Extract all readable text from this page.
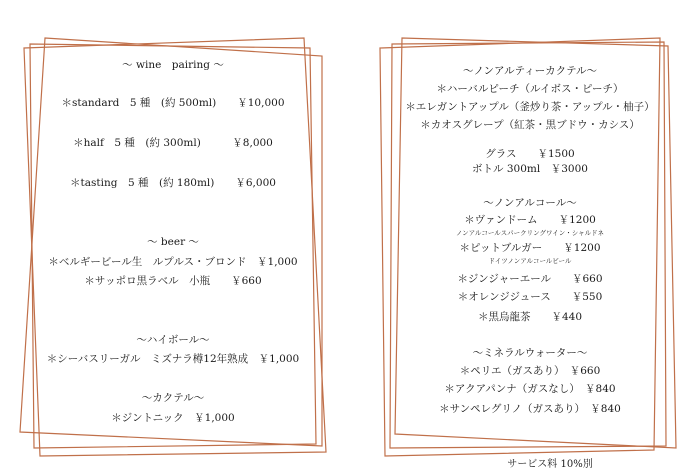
～ wine　pairing ～
＊standard　5 種　(約 500ml)　　￥10,000
＊half　5 種　(約 300ml)　　　￥8,000
＊tasting　5 種　(約 180ml)　　￥6,000
～ beer ～
＊ベルギービール生　ルプルス・ブロンド　￥1,000
＊サッポロ黒ラベル　小瓶　　￥660
～ハイボール～
＊シーバスリーガル　ミズナラ樽12年熟成　￥1,000
～カクテル～
＊ジントニック　￥1,000
～ノンアルティーカクテル～
＊ハーバルピーチ（ルイボス・ピーチ）
＊エレガントアップル（釜炒り茶・アップル・柚子）
＊カオスグレープ（紅茶・黒ブドウ・カシス）
グラス　　￥1500
ボトル 300ml　￥3000
～ノンアルコール～
＊ヴァンドーム　　￥1200
ノンアルコールスパークリングワイン・シャルドネ
＊ピットブルガー　　￥1200
ドイツノンアルコールビール
＊ジンジャーエール　　￥660
＊オレンジジュース　　￥550
＊黒烏龍茶　　￥440
～ミネラルウォーター～
＊ペリエ（ガスあり）　￥660
＊アクアパンナ（ガスなし）　￥840
＊サンペレグリノ（ガスあり）　￥840
サービス料 10%別
